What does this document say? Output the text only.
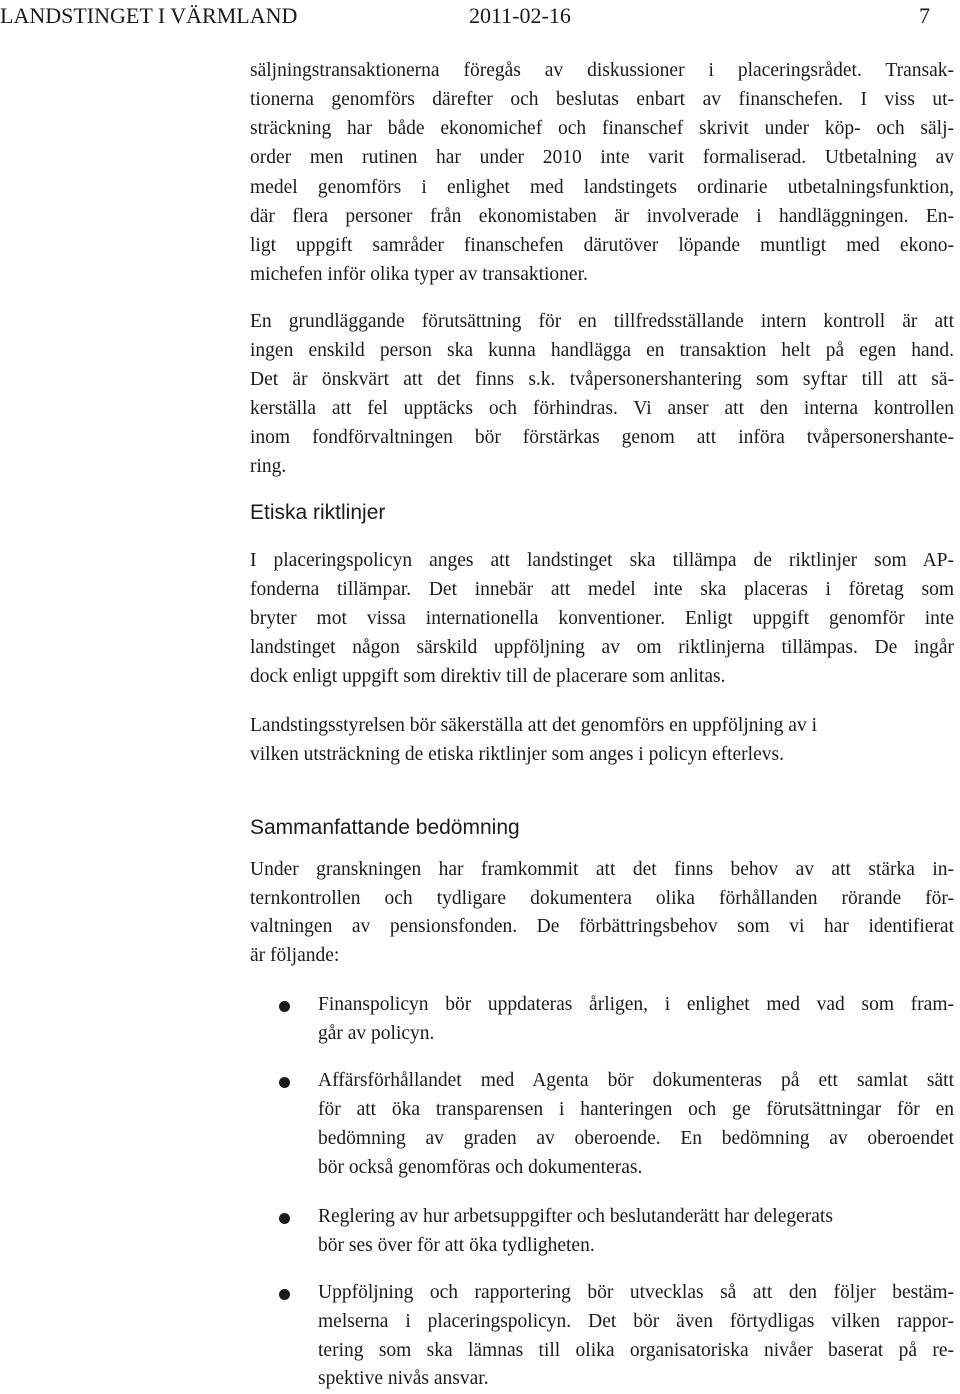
LANDSTINGET I VÄRMLAND	2011-02-16	7
säljningstransaktionerna föregås av diskussioner i placeringsrådet. Transak-
tionerna genomförs därefter och beslutas enbart av finanschefen. I viss ut-
sträckning har både ekonomichef och finanschef skrivit under köp- och sälj-
order men rutinen har under 2010 inte varit formaliserad. Utbetalning av
medel genomförs i enlighet med landstingets ordinarie utbetalningsfunktion,
där flera personer från ekonomistaben är involverade i handläggningen. En-
ligt uppgift samråder finanschefen därutöver löpande muntligt med ekono-
michefen inför olika typer av transaktioner.
En grundläggande förutsättning för en tillfredsställande intern kontroll är att
ingen enskild person ska kunna handlägga en transaktion helt på egen hand.
Det är önskvärt att det finns s.k. tvåpersonershantering som syftar till att sä-
kerställa att fel upptäcks och förhindras. Vi anser att den interna kontrollen
inom fondförvaltningen bör förstärkas genom att införa tvåpersonershante-
ring.
Etiska riktlinjer
I placeringspolicyn anges att landstinget ska tillämpa de riktlinjer som AP-
fonderna tillämpar. Det innebär att medel inte ska placeras i företag som
bryter mot vissa internationella konventioner. Enligt uppgift genomför inte
landstinget någon särskild uppföljning av om riktlinjerna tillämpas. De ingår
dock enligt uppgift som direktiv till de placerare som anlitas.
Landstingsstyrelsen bör säkerställa att det genomförs en uppföljning av i
vilken utsträckning de etiska riktlinjer som anges i policyn efterlevs.
Sammanfattande bedömning
Under granskningen har framkommit att det finns behov av att stärka in-
ternkontrollen och tydligare dokumentera olika förhållanden rörande för-
valtningen av pensionsfonden. De förbättringsbehov som vi har identifierat
är följande:
Finanspolicyn bör uppdateras årligen, i enlighet med vad som fram-
går av policyn.
Affärsförhållandet med Agenta bör dokumenteras på ett samlat sätt
för att öka transparensen i hanteringen och ge förutsättningar för en
bedömning av graden av oberoende. En bedömning av oberoendet
bör också genomföras och dokumenteras.
Reglering av hur arbetsuppgifter och beslutanderätt har delegerats
bör ses över för att öka tydligheten.
Uppföljning och rapportering bör utvecklas så att den följer bestäm-
melserna i placeringspolicyn. Det bör även förtydligas vilken rappor-
tering som ska lämnas till olika organisatoriska nivåer baserat på re-
spektive nivås ansvar.
